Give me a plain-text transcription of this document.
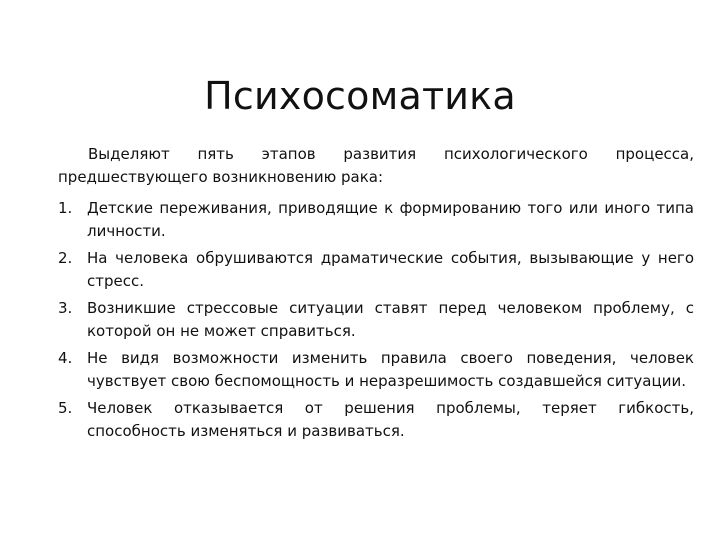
Психосоматика

Выделяют пять этапов развития психологического процесса, предшествующего возникновению рака:

1. Детские переживания, приводящие к формированию того или иного типа личности.
2. На человека обрушиваются драматические события, вызывающие у него стресс.
3. Возникшие стрессовые ситуации ставят перед человеком проблему, с которой он не может справиться.
4. Не видя возможности изменить правила своего поведения, человек чувствует свою беспомощность и неразрешимость создавшейся ситуации.
5. Человек отказывается от решения проблемы, теряет гибкость, способность изменяться и развиваться.
